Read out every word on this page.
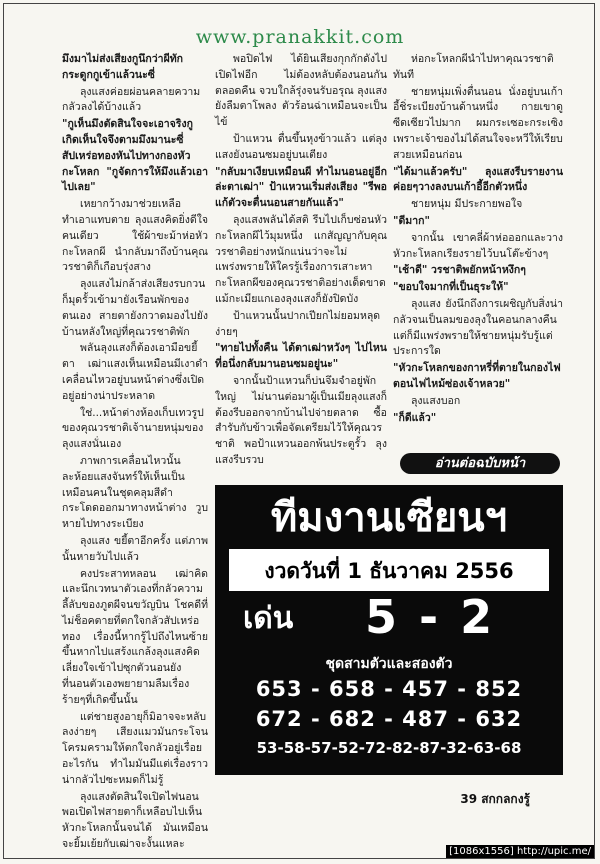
www.pranakkit.com

มึงมาไม่ส่งเสียงกูนึกว่าผีทักกระดูกกูเข้าแล้วนะซี่

ลุงแสงค่อยผ่อนคลายความกลัวลงได้บ้างแล้ว

"กูเห็นมึงตัดสินใจจะเอาจริงกูเกิดเห็นใจจึงตามมึงมานะซี่ สัปเหร่อทองหันไปทางกองหัวกะโหลก "กูจัดการให้มึงแล้วเอาไปเลย"

เหยากว้างมาช่วยเหลือทำเอาแทบตาย ลุงแสงคิดยิ่งดีใจคนเดียว ใช้ผ้าขะม้าห่อหัวกะโหลกผี นำกลับมาถึงบ้านคุณวรชาติก็เกือบรุ่งสาง

ลุงแสงไม่กล้าส่งเสียงรบกวน ก็มุดรั้วเข้ามายังเรือนพักของตนเอง สายตายังกวาดมองไปยังบ้านหลังใหญ่ที่คุณวรชาติพัก

พลันลุงแสงก็ต้องเอามือขยี้ตา เฒ่าแสงเห็นเหมือนมีเงาดำเคลื่อนไหวอยู่บนหน้าต่างซึ่งเปิดอยู่อย่างน่าประหลาด

ใช่...หน้าต่างห้องเก็บเทวรูปของคุณวรชาติเจ้านายหนุ่มของลุงแสงนั่นเอง

ภาพการเคลื่อนไหวนั้น ละห้อยแสงจันทร์ให้เห็นเป็นเหมือนคนในชุดคลุมสีดำกระโดดออกมาทางหน้าต่าง วูบหายไปทางระเบียง

ลุงแสง ขยี้ตาอีกครั้ง แต่ภาพนั้นหายวับไปแล้ว

คงประสาทหลอน เฒ่าคิดและนึกเวทนาตัวเองที่กลัวความลี้ลับของภูตผีจนขวัญบิน โชคดีที่ไม่ช็อคตายที่ตกใจกลัวสัปเหร่อทอง เรื่องนี้หากรู้ไปถึงไหนซ้ายขึ้นหากไปแสร้งแกล้งลุงแสงคิดเลี่ยงใจเข้าไปซุกตัวนอนยังที่นอนตัวเองพยายามลืมเรื่องร้ายๆที่เกิดขึ้นนั้น

แต่ชายสูงอายุก็มิอาจจะหลับลงง่ายๆ เสียงแมวมันกระโจนโครมครามให้ตกใจกลัวอยู่เรื่อย อะไรกัน ทำไมมันมีแต่เรื่องราวน่ากลัวไปซะหมดก็ไม่รู้

ลุงแสงตัดสินใจเปิดไฟนอน พอเปิดไฟสายตาก็เหลือบไปเห็นหัวกะโหลกนั้นจนได้ มันเหมือนจะยิ้มเย้ยกับเฒ่าจะงั้นแหละ

พอปิดไฟ ได้ยินเสียงกุกกักดังไปเปิดไฟอีก ไม่ต้องหลับต้องนอนกันตลอดคืน จวบใกล้รุ่งจนรับอรุณ ลุงแสงยังลืมตาโพลง ตัวร้อนฉ่าเหมือนจะเป็นไข้

ป้าแหวน ตื่นขึ้นหุงข้าวแล้ว แต่ลุงแสงยังนอนซมอยู่บนเตียง

"กลับมาเงียบเหมือนผี ทำไมนอนอยู่อีกล่ะตาเฒ่า" ป้าแหวนเริ่มส่งเสียง "รีพอแก้ตัวจะตื่นนอนสายกันแล้ว"

ลุงแสงพลันได้สติ รีบไปเก็บซ่อนหัวกะโหลกผีไว้มุมหนึ่ง แกสัญญากับคุณวรชาติอย่างหนักแน่นว่าจะไม่แพร่งพรายให้ใครรู้เรื่องการเสาะหากะโหลกผีของคุณวรชาติอย่างเด็ดขาด แม้กะเมียแกเองลุงแสงก็ยังปิดบัง

ป้าแหวนนั้นปากเปียกไม่ยอมหลุดง่ายๆ

"ทายไปทั้งคืน ได้ตาเฒ่าหวังๆ ไปไหนที่อนึ่งกลับมานอนซมอยู่นะ"

จากนั้นป้าแหวนก็บ่นจึมจำอยู่พักใหญ่ ไม่นานต่อมาผู้เป็นเมียลุงแสงก็ต้องรีบออกจากบ้านไปจ่ายตลาด ซื้อสำรับกับข้าวเพื่อจัดเตรียมไว้ให้คุณวรชาติ พอป้าแหวนออกพ้นประตูรั้ว ลุงแสงรีบรวบ

ห่อกะโหลกผีนำไปหาคุณวรชาติทันที

ชายหนุ่มเพิ่งตื่นนอน นั่งอยู่บนเก้าอี้ชิ่ระเบียงบ้านด้านหนึ่ง กายเขาดูซีดเซียวไปมาก ผมกระเซอะกระเซิงเพราะเจ้าของไม่ได้สนใจจะหวีให้เรียบสวยเหมือนก่อน

"ได้มาแล้วครับ" ลุงแสงรีบรายงานค่อยๆวางลงบนเก้าอี้อีกตัวหนึ่ง

ชายหนุ่ม มีประกายพอใจ

"ดีมาก"

จากนั้น เขาคลี่ผ้าห่อออกและวางหัวกะโหลกเรียงรายไว้บนโต๊ะข้างๆ

"เช้าดี" วรชาติพยักหน้าหงึกๆ

"ขอบใจมากที่เป็นธุระให้"

ลุงแสง ยังนึกถึงการเผชิญกับสิ่งน่ากลัวจนเป็นลมของลุงในคอนกลางคืนแต่ก็มีแพร่งพรายให้ชายหนุ่มรับรู้แต่ประการใด

"หัวกะโหลกของกาหรี่ที่ตายในกองไฟ ตอนไฟไหม้ซ่องเจ้าหลวย"

ลุงแสงบอก

"ก็ดีแล้ว"

อ่านต่อฉบับหน้า
ทีมงานเซียนฯ
งวดวันที่ 1 ธันวาคม 2556
เด่น 5 - 2
ชุดสามตัวและสองตัว
653 - 658 - 457 - 852
672 - 682 - 487 - 632
53-58-57-52-72-82-87-32-63-68
39 สกกลกงรู้
[1086x1556] http://upic.me/
